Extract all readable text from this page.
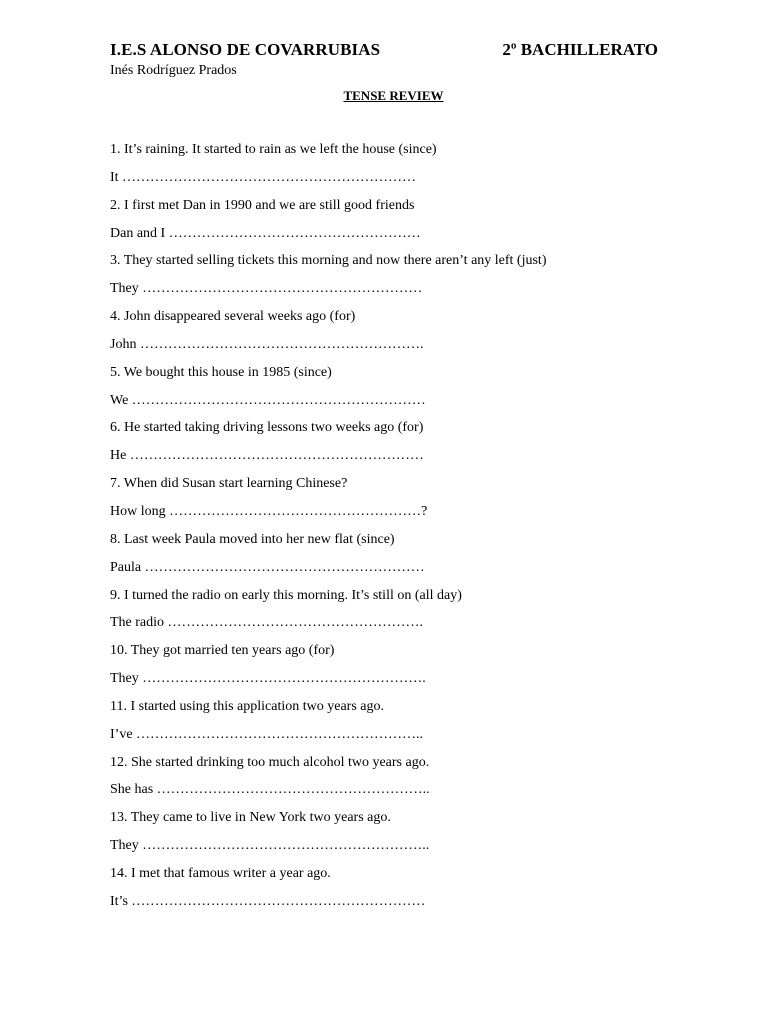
I.E.S ALONSO DE COVARRUBIAS	2º BACHILLERATO
Inés Rodríguez Prados
TENSE REVIEW
1. It’s raining. It started to rain as we left the house (since)
It ………………………………………………………
2. I first met Dan in 1990 and we are still good friends
Dan and I ………………………………………………
3. They started selling tickets this morning and now there aren’t any left (just)
They ……………………………………………………
4. John disappeared several weeks ago (for)
John …………………………………………………….
5. We bought this house in 1985 (since)
We ………………………………………………………
6. He started taking driving lessons two weeks ago (for)
He ………………………………………………………
7. When did Susan start learning Chinese?
How long ………………………………………………?
8. Last week Paula moved into her new flat (since)
Paula ……………………………………………………
9. I turned the radio on early this morning. It’s still on (all day)
The radio ……………………………………………….
10. They got married ten years ago (for)
They …………………………………………………….
11. I started using this application two years ago.
I’ve ……………………………………………………..
12. She started drinking too much alcohol two years ago.
She has …………………………………………………..
13. They came to live in New York two years ago.
They ……………………………………………………..
14. I met that famous writer a year ago.
It’s ………………………………………………………
